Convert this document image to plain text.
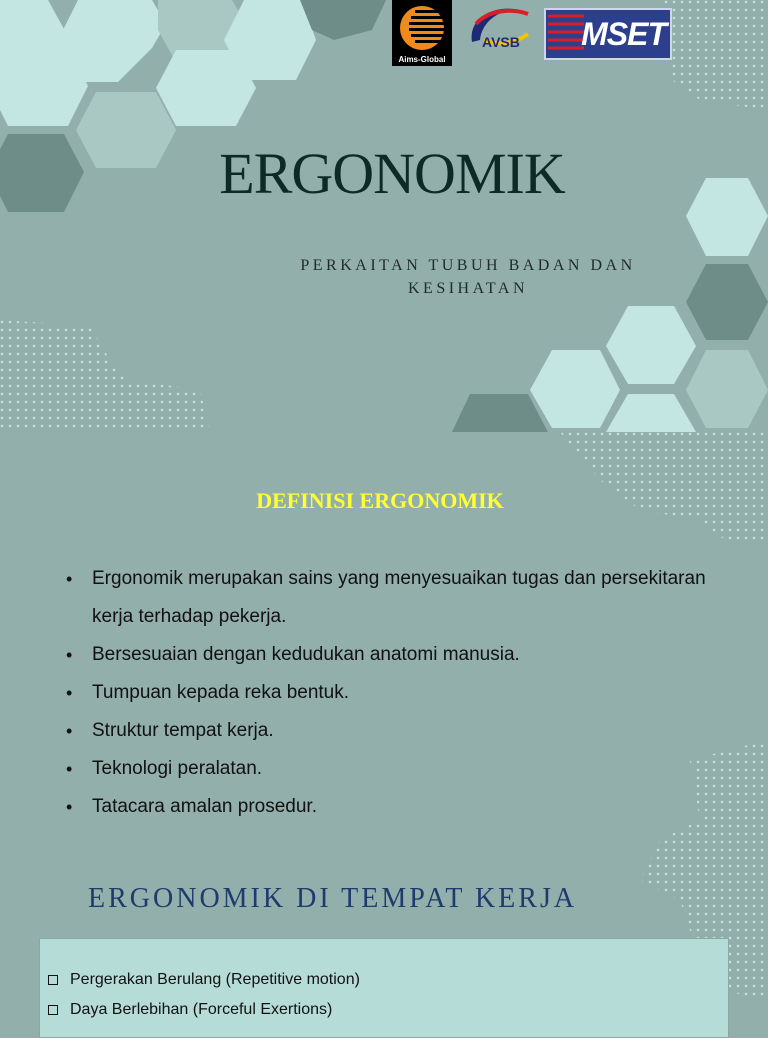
Aims-Global
AVSB MSET
ERGONOMIK
PERKAITAN TUBUH BADAN DAN KESIHATAN
DEFINISI ERGONOMIK
• Ergonomik merupakan sains yang menyesuaikan tugas dan persekitaran kerja terhadap pekerja.
• Bersesuaian dengan kedudukan anatomi manusia.
• Tumpuan kepada reka bentuk.
• Struktur tempat kerja.
• Teknologi peralatan.
• Tatacara amalan prosedur.
ERGONOMIK DI TEMPAT KERJA
Pergerakan Berulang (Repetitive motion)
Daya Berlebihan (Forceful Exertions)
